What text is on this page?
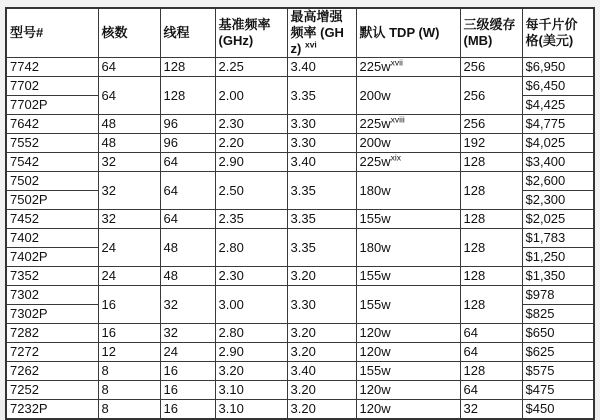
型号#	核数	线程	基准频率 (GHz)	最高增强频率 (GHz) $^{xvi}$	默认 TDP (W)	三级缓存 (MB)	每千片价格(美元)
7742	64	128	2.25	3.40	$225w^{xvii}$	256	$6,950
7702	64	128	2.00	3.35	200w	256	$6,450
7702P							$4,425
7642	48	96	2.30	3.30	$225w^{xviii}$	256	$4,775
7552	48	96	2.20	3.30	200w	192	$4,025
7542	32	64	2.90	3.40	$225w^{xix}$	128	$3,400
7502	32	64	2.50	3.35	180w	128	$2,600
7502P							$2,300
7452	32	64	2.35	3.35	155w	128	$2,025
7402	24	48	2.80	3.35	180w	128	$1,783
7402P							$1,250
7352	24	48	2.30	3.20	155w	128	$1,350
7302	16	32	3.00	3.30	155w	128	$978
7302P							$825
7282	16	32	2.80	3.20	120w	64	$650
7272	12	24	2.90	3.20	120w	64	$625
7262	8	16	3.20	3.40	155w	128	$575
7252	8	16	3.10	3.20	120w	64	$475
7232P	8	16	3.10	3.20	120w	32	$450
